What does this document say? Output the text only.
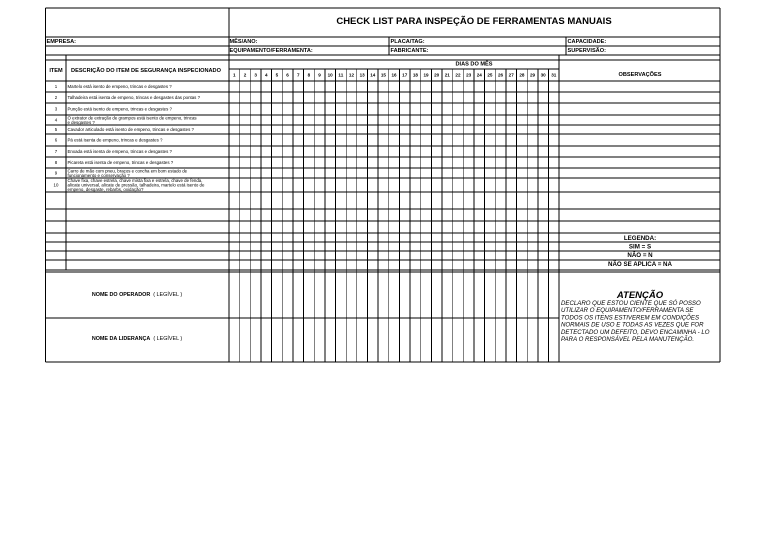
CHECK LIST PARA INSPEÇÃO DE FERRAMENTAS MANUAIS
EMPRESA:	MÊS/ANO:	PLACA/TAG:	CAPACIDADE:
EQUIPAMENTO/FERRAMENTA:	FABRICANTE:	SUPERVISÃO:
ITEM DESCRIÇÃO DO ITEM DE SEGURANÇA INSPECIONADO
DIAS DO MÊS
OBSERVAÇÕES
1 2 3 4 5 6 7 8 9 10 11 12 13 14 15 16 17 18 19 20 21 22 23 24 25 26 27 28 29 30 31
1 Martelo está isento de empeno, trincas e desgastes ?
2 Talhadeira está isenta de empeno, trincas e desgastes das pontas ?
3 Punção está isento de empeno, trincas e desgastes ?
4 O extrator de extração de grampos está isento de empeno, trincas
e desgastes ?
5 Cavador articulado está isento de empeno, trincas e desgastes ?
6 Pá está isenta de empeno, trincas e desgastes ?
7 Enxada está isenta de empeno, trincas e desgastes ?
8 Picareta está isenta de empeno, trincas e desgastes ?
9 Carro de mão com pneu, braços e concha em bom estado de
funcionamento e conservação ?
10
Chave fixa, chave estrela, chave mista fixa e estrela, chave de fenda,
alicate universal, alicate de pressão, talhadeira, martelo está isento de
empeno, desgaste, rebarbs, oxidação?
LEGENDA:
SIM = S
NÃO = N
NÃO SE APLICA = NA
NOME DO OPERADOR ( LEGÍVEL )
NOME DA LIDERANÇA ( LEGÍVEL )
ATENÇÃO
DECLARO QUE ESTOU CIENTE QUE SÓ POSSO
UTILIZAR O EQUIPAMENTO/FERRAMENTA SE
TODOS OS ITENS ESTIVEREM EM CONDIÇÕES
NORMAIS DE USO E TODAS AS VEZES QUE FOR
DETECTADO UM DEFEITO, DEVO ENCAMINHA - LO
PARA O RESPONSÁVEL PELA MANUTENÇÃO.
